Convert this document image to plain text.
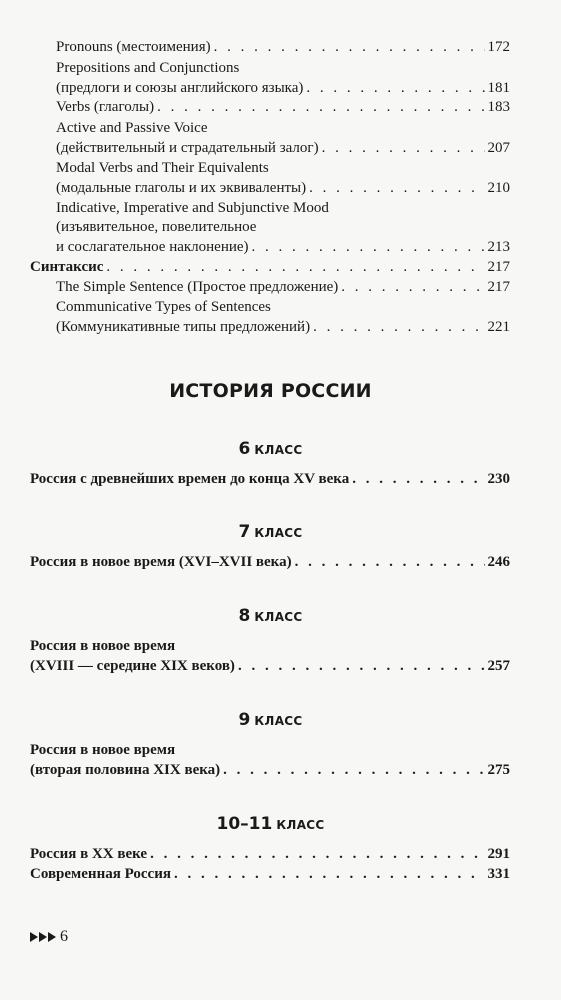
Pronouns (местоимения) . . .	172
Prepositions and Conjunctions
(предлоги и союзы английского языка) . . .	181
Verbs (глаголы) . . .	183
Active and Passive Voice
(действительный и страдательный залог) . . .	207
Modal Verbs and Their Equivalents
(модальные глаголы и их эквиваленты) . . .	210
Indicative, Imperative and Subjunctive Mood
(изъявительное, повелительное
и сослагательное наклонение) . . .	213
Синтаксис . . .	217
The Simple Sentence (Простое предложение) . . .	217
Communicative Types of Sentences
(Коммуникативные типы предложений) . . .	221
ИСТОРИЯ РОССИИ
6 КЛАСС
Россия с древнейших времен до конца XV века . . .	230
7 КЛАСС
Россия в новое время (XVI–XVII века) . . .	246
8 КЛАСС
Россия в новое время
(XVIII — середине XIX веков) . . .	257
9 КЛАСС
Россия в новое время
(вторая половина XIX века) . . .	275
10–11 КЛАСС
Россия в XX веке . . .	291
Современная Россия . . .	331
6
